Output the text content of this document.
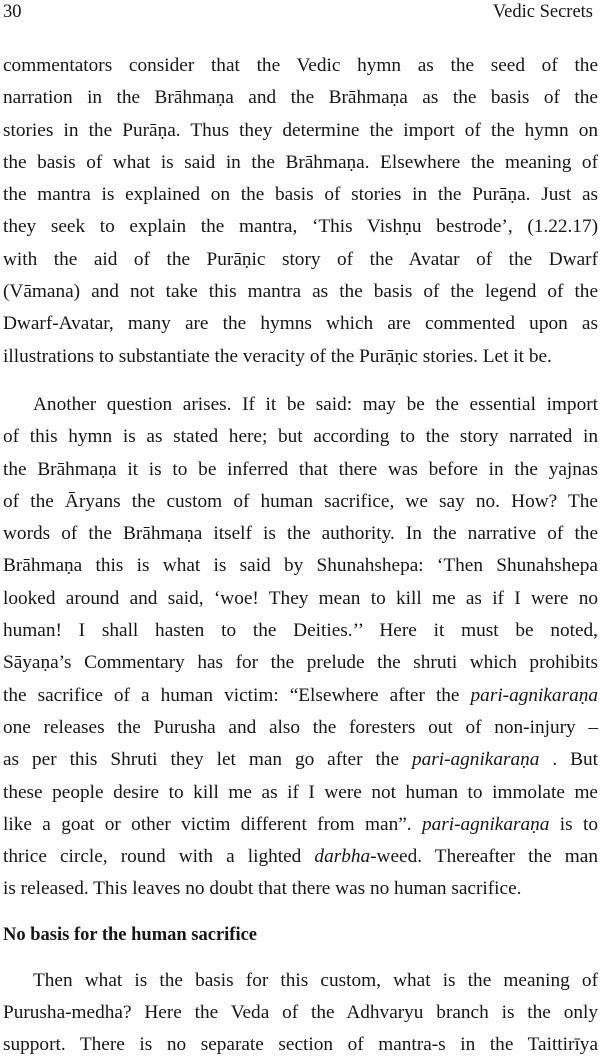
30	Vedic Secrets

commentators consider that the Vedic hymn as the seed of the
narration in the Brāhmaṇa and the Brāhmaṇa as the basis of the
stories in the Purāṇa. Thus they determine the import of the hymn on
the basis of what is said in the Brāhmaṇa. Elsewhere the meaning of
the mantra is explained on the basis of stories in the Purāṇa. Just as
they seek to explain the mantra, ‘This Vishṇu bestrode’, (1.22.17)
with the aid of the Purāṇic story of the Avatar of the Dwarf
(Vāmana) and not take this mantra as the basis of the legend of the
Dwarf-Avatar, many are the hymns which are commented upon as
illustrations to substantiate the veracity of the Purāṇic stories. Let it be.

Another question arises. If it be said: may be the essential import
of this hymn is as stated here; but according to the story narrated in
the Brāhmaṇa it is to be inferred that there was before in the yajnas
of the Āryans the custom of human sacrifice, we say no. How? The
words of the Brāhmaṇa itself is the authority. In the narrative of the
Brāhmaṇa this is what is said by Shunahshepa: ‘Then Shunahshepa
looked around and said, ‘woe! They mean to kill me as if I were no
human! I shall hasten to the Deities.’’ Here it must be noted,
Sāyaṇa’s Commentary has for the prelude the shruti which prohibits
the sacrifice of a human victim: “Elsewhere after the pari-agnikaraṇa
one releases the Purusha and also the foresters out of non-injury –
as per this Shruti they let man go after the pari-agnikaraṇa . But
these people desire to kill me as if I were not human to immolate me
like a goat or other victim different from man”. pari-agnikaraṇa is to
thrice circle, round with a lighted darbha-weed. Thereafter the man
is released. This leaves no doubt that there was no human sacrifice.

No basis for the human sacrifice

Then what is the basis for this custom, what is the meaning of
Purusha-medha? Here the Veda of the Adhvaryu branch is the only
support. There is no separate section of mantra-s in the Taittirīya
